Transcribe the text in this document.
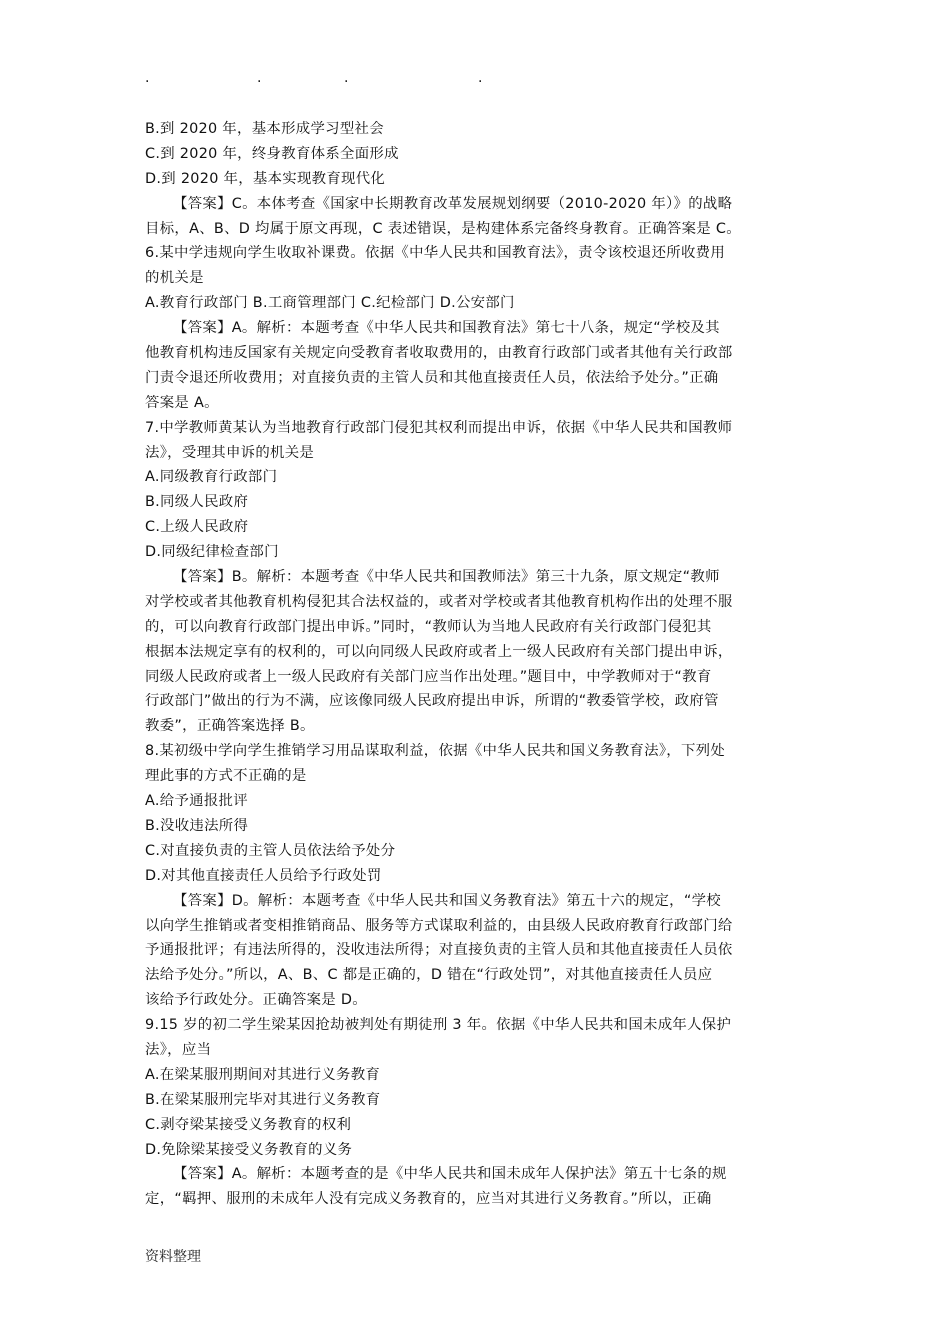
.	.	.	.
B.到 2020 年，基本形成学习型社会
C.到 2020 年，终身教育体系全面形成
D.到 2020 年，基本实现教育现代化
【答案】C。本体考查《国家中长期教育改革发展规划纲要（2010-2020 年）》的战略
目标，A、B、D 均属于原文再现，C 表述错误，是构建体系完备终身教育。正确答案是 C。
6.某中学违规向学生收取补课费。依据《中华人民共和国教育法》，责令该校退还所收费用
的机关是
A.教育行政部门 B.工商管理部门 C.纪检部门 D.公安部门
【答案】A。解析：本题考查《中华人民共和国教育法》第七十八条，规定“学校及其
他教育机构违反国家有关规定向受教育者收取费用的，由教育行政部门或者其他有关行政部
门责令退还所收费用；对直接负责的主管人员和其他直接责任人员，依法给予处分。”正确
答案是 A。
7.中学教师黄某认为当地教育行政部门侵犯其权利而提出申诉，依据《中华人民共和国教师
法》，受理其申诉的机关是
A.同级教育行政部门
B.同级人民政府
C.上级人民政府
D.同级纪律检查部门
【答案】B。解析：本题考查《中华人民共和国教师法》第三十九条，原文规定“教师
对学校或者其他教育机构侵犯其合法权益的，或者对学校或者其他教育机构作出的处理不服
的，可以向教育行政部门提出申诉。”同时，“教师认为当地人民政府有关行政部门侵犯其
根据本法规定享有的权利的，可以向同级人民政府或者上一级人民政府有关部门提出申诉，
同级人民政府或者上一级人民政府有关部门应当作出处理。”题目中，中学教师对于“教育
行政部门”做出的行为不满，应该像同级人民政府提出申诉，所谓的“教委管学校，政府管
教委”，正确答案选择 B。
8.某初级中学向学生推销学习用品谋取利益，依据《中华人民共和国义务教育法》，下列处
理此事的方式不正确的是
A.给予通报批评
B.没收违法所得
C.对直接负责的主管人员依法给予处分
D.对其他直接责任人员给予行政处罚
【答案】D。解析：本题考查《中华人民共和国义务教育法》第五十六的规定，“学校
以向学生推销或者变相推销商品、服务等方式谋取利益的，由县级人民政府教育行政部门给
予通报批评；有违法所得的，没收违法所得；对直接负责的主管人员和其他直接责任人员依
法给予处分。”所以，A、B、C 都是正确的，D 错在“行政处罚”，对其他直接责任人员应
该给予行政处分。正确答案是 D。
9.15 岁的初二学生梁某因抢劫被判处有期徒刑 3 年。依据《中华人民共和国未成年人保护
法》，应当
A.在梁某服刑期间对其进行义务教育
B.在梁某服刑完毕对其进行义务教育
C.剥夺梁某接受义务教育的权利
D.免除梁某接受义务教育的义务
【答案】A。解析：本题考查的是《中华人民共和国未成年人保护法》第五十七条的规
定，“羁押、服刑的未成年人没有完成义务教育的，应当对其进行义务教育。”所以，正确
资料整理
